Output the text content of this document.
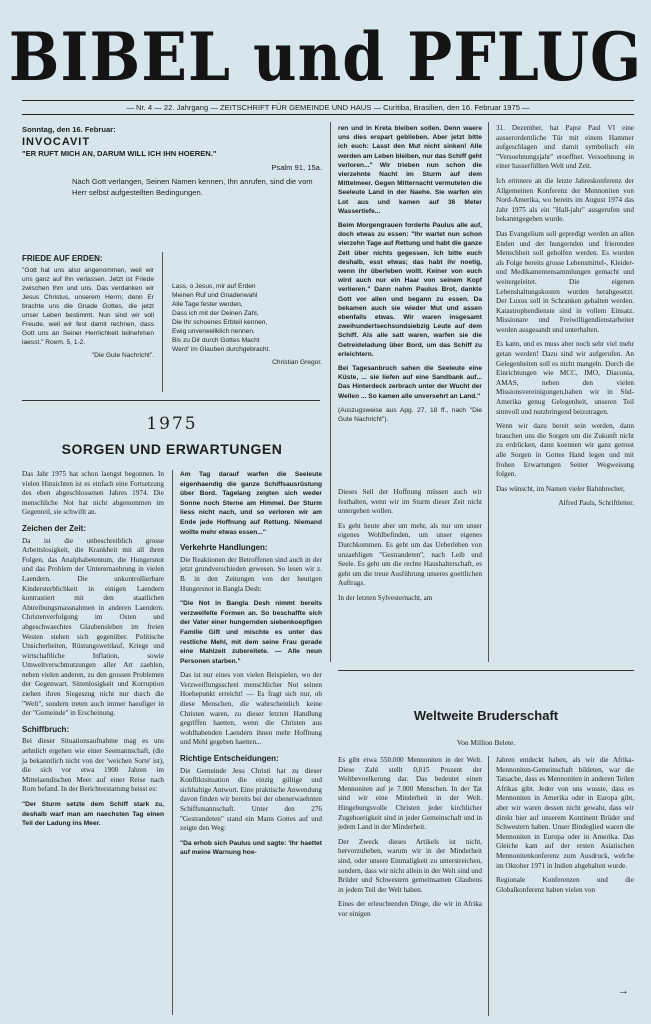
BIBEL und PFLUG
— Nr. 4 — 22. Jahrgang — ZEITSCHRIFT FÜR GEMEINDE UND HAUS — Curitiba, Brasilien, den 16. Februar 1975 —
Sonntag, den 16. Februar:
INVOCAVIT
"ER RUFT MICH AN, DARUM WILL ICH IHN HOEREN."
Psalm 91, 15a.
Nach Gott verlangen, Seinen Namen kennen, Ihn anrufen, sind die vom Herr selbst aufgestellten Bedingungen.
FRIEDE AUF ERDEN:
"Gott hat uns also angenommen, weil wir uns ganz auf Ihn verlassen. Jetzt ist Friede zwischen Ihm und uns. Das verdanken wir Jesus Christus, unserem Herrn; denn Er brachte uns die Gnade Gottes, die jetzt unser Leben bestimmt. Nun sind wir voll Freude, weil wir fest damit rechnen, dass Gott uns an Seiner Herrlichkeit teilnehmen laesst." Roem. 5, 1-2.
"Die Gute Nachricht".
Lass, o Jesus, mir auf Erden
Meinen Ruf und Gnadenwahl
Alle Tage fester werden,
Dass ich mit der Deinen Zahl,
Die Ihr schoenes Erbteil kennen,
Ewig unverweilklich nennen.
Bis zu Dir durch Gottes Macht
Werd' im Glauben durchgebracht.
Christian Gregor.

ren und in Kreta bleiben sollen. Denn waere uns dies erspart geblieben. Aber jetzt bitte ich euch: Lasst den Mut nicht sinken! Alle werden am Leben bleiben, nur das Schiff geht verloren..." Wir trieben nun schon die vierzehnte Nacht im Sturm auf dem Mittelmeer. Gegen Mitternacht vermuteten die Seeleute Land in der Naehe. Sie warfen ein Lot aus und kamen auf 36 Meter Wassertiefe...

Beim Morgengrauen forderte Paulus alle auf, doch etwas zu essen: "Ihr wartet nun schon vierzehn Tage auf Rettung und habt die ganze Zeit über nichts gegessen. Ich bitte euch deshalb, esst etwas; das habt ihr noetig, wenn ihr überleben wollt. Keiner von euch wird auch nur ein Haar von seinem Kopf verlieren." Dann nahm Paulus Brot, dankte Gott vor allen und begann zu essen. Da bekamen auch sie wieder Mut und assen ebenfalls etwas. Wir waren insgesamt zweihundertsechsundsiebzig Leute auf dem Schiff. Als alle satt waren, warfen sie die Getreideladung über Bord, um das Schiff zu erleichtern.

Bei Tagesanbruch sahen die Seeleute eine Küste, ... sie liefen auf eine Sandbank auf... Das Hinterdeck zerbrach unter der Wucht der Wellen ... So kamen alle unversehrt an Land."

(Auszugsweise aus Apg. 27, 18 ff., nach "Die Gute Nachricht").

31. Dezember, hat Papst Paul VI eine ausserordentliche Tür mit einem Hammer aufgeschlagen und damit symbolisch ein "Versoehnungsjahr" eroeffnet. Versoehnung in einer hasserfüllten Welt und Zeit.

Ich erinnere an die letzte Jahreskonferenz der Allgemeinen Konferenz der Mennoniten von Nord-Amerika, wo bereits im August 1974 das Jahr 1975 als ein "Hall-jahr" ausgerufen und bekanntgegeben wurde.

Das Evangelium soll gepredigt werden an allen Enden und der hungernden und frierenden Menschheit soll geholfen werden. Es wurden als Folge bereits grosse Lebensmittel-, Kleider- und Medikamentensammlungen gemacht und weitergeleitet. Die eigenen Lebenshaltungskosten wurden herabgesetzt. Der Luxus soll in Schranken gehalten werden. Katastrophendienste sind in vollem Einsatz. Missionare und Freiwilligendienstarbeiter werden ausgesandt und unterhalten.

Es kann, und es muss aber noch sehr viel mehr getan werden! Dazu sind wir aufgerufen. An Gelegenheiten soll es nicht mangeln. Durch die Einrichtungen wie MCC, IMO, Diaconia, AMAS, neben den vielen Missionsvereinigungen,haben wir in Süd-Amerika genug Gelegenheit, unseren Teil sinnvoll und nutzbringend beizutragen.

Wenn wir dazu bereit sein werden, dann brauchen uns die Sorgen um die Zukunft nicht zu erdrücken, dann koennen wir ganz getrost alle Sorgen in Gottes Hand legen und mit frohen Erwartungen Seiner Wegweisung folgen.

Das wünscht, im Namen vieler Bahnbrecher,

Alfred Pauls, Schriftleiter.

1975
SORGEN UND ERWARTUNGEN

Das Jahr 1975 hat schon laengst begonnen. In vielen Hinsichten ist es einfach eine Fortsetzung des eben abgeschlossenen Jahres 1974. Die menschliche Not hat nicht abgenommen im Gegenteil, sie schwillt an.

Zeichen der Zeit:

Da ist die unbeschreiblich grosse Arbeitslosigkeit, die Krankheit mit all ihren Folgen, das Analphabetentum, die Hungersnot und das Problem der Unterernaehrung in vielen Laendern. Die unkontrollierbare Kindersterblichkeit in einigen Laendern kontrastiert mit den staatlichen Abtreibungsmassnahmen in anderen Laendern. Christenverfolgung im Osten und abgeschwaechtes Glaubensleben im freien Westen stehen sich gegenüber. Politische Unsicherheiten, Rüstungswettlauf, Kriege und wirtschaftliche Inflation, sowie Umweltverschmutzungen aller Art zaehlen, neben vielen anderen, zu den grossen Problemen der Gegenwart. Sittenlosigkeit und Korruption ziehen ihren Siegeszug nicht nur durch die "Welt", sondern treten auch immer haeufiger in der "Gemeinde" in Erscheinung.

Schiffbruch:

Bei dieser Situationsaufnahme mag es uns aehnlich ergehen wie einer Seemannschaft, (die ja bekanntlich nicht von der 'weichen Sorte' ist), die sich vor etwa 1900 Jahren im Mittelaendischen Meer auf einer Reise nach Rom befand. In der Berichterstattung heisst es:

"Der Sturm setzte dem Schiff stark zu, deshalb warf man am naechsten Tag einen Teil der Ladung ins Meer.

Am Tag darauf warfen die Seeleute eigenhaendig die ganze Schiffsausrüstung über Bord. Tagelang zeigten sich weder Sonne noch Sterne am Himmel. Der Sturm liess nicht nach, und so verloren wir am Ende jede Hoffnung auf Rettung. Niemand wollte mehr etwas essen..."

Verkehrte Handlungen:

Die Reaktionen der Betroffenen sind auch in der jetzt grundverschieden gewesen. So lesen wir z. B. in den Zeitungen von der heutigen Hungersnot in Bangla Desh:

"Die Not in Bangla Desh nimmt bereits verzweifelte Formen an. So beschaffte sich der Vater einer hungernden siebenkoepfigen Familie Gift und mischte es unter das restliche Mehl, mit dem seine Frau gerade eine Mahlzeit zubereitete. — Alle neun Personen starben."

Das ist nur eines von vielen Beispielen, wo der Verzweiflungsschrei menschlicher Not seinen Hoehepunkt erreicht! — Es fragt sich nur, ob diese Menschen, die wahrscheinlich keine Christen waren, zu dieser letzten Handlung gegriffen haetten, wenn die Christen aus wohlhabenden Laendern ihnen mehr Hoffnung und Mehl gegeben haetten...

Richtige Entscheidungen:

Die Gemeinde Jesu Christi hat zu dieser Konfliktsituation die einzig gültige und sichhaltige Antwort. Eine praktische Anwendung davon finden wir bereits bei der obenerwaehnten Schiffsmannschaft. Unter den 276 "Gestrandeten" stand ein Mann Gottes auf und zeigte den Weg:

"Da erhob sich Paulus und sagte: 'Ihr haettet auf meine Warnung hoe-

Dieses Seil der Hoffnung müssen auch wir festhalten, wenn wir im Sturm dieser Zeit nicht untergehen wollen.

Es geht heute aber um mehr, als nur um unser eigenes Wohlbefinden, um unser eigenes Durchkommen. Es geht um das Ueberleben von unzaehligen "Gestrandeten", nach Leib und Seele. Es geht um die rechte Haushalterschaft, es geht um die treue Ausführung unseres goettlichen Auftrags.

In der letzten Sylvesternacht, am

Weltweite Bruderschaft
Von Million Belete.

Es gibt etwa 550.000 Mennoniten in der Welt. Diese Zahl stellt 0,015 Prozent der Weltbevoelkerung dar. Das bedeutet einen Mennoniten auf je 7.000 Menschen. In der Tat sind wir eine Minderheit in der Welt. Hingebungsvolle Christen jeder kirchlicher Zugehoerigkeit sind in jeder Gemeinschaft und in jedem Land in der Minderheit.

Der Zweck dieses Artikels ist nicht, hervorzuheben, warum wir in der Minderheit sind, oder unsere Einmaligkeit zu unterstreichen, sondern, dass wir nicht allein in der Welt sind und Brüder und Schwestern gemeinsamen Glaubens in jedem Teil der Welt haben.

Eines der erleuchtenden Dinge, die wir in Afrika vor einigen

Jahren entdeckt haben, als wir die Afrika-Mennoniten-Gemeinschaft bildeten, war die Tatsache, dass es Mennoniten in anderen Teilen Afrikas gibt. Jeder von uns wusste, dass es Mennoniten in Amerika oder in Europa gibt, aber wir waren dessen nicht gewahr, dass wir direkt hier auf unserem Kontinent Brüder und Schwestern haben. Unser Bindeglied waren die Mennoniten in Europa oder in Amerika. Das Gleiche kam auf der ersten Asiatischen Mennonitenkonferenz zum Ausdruck, welche im Oktober 1971 in Indien abgehalten wurde.

Regionale Konferenzen und die Globalkonferenz haben vielen von

→
